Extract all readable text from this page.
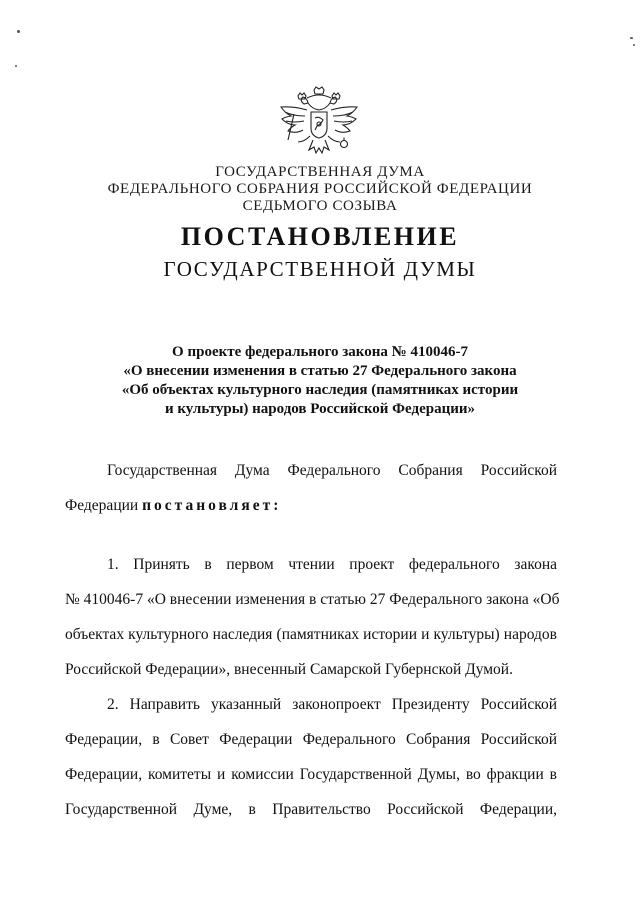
ГОСУДАРСТВЕННАЯ ДУМА
ФЕДЕРАЛЬНОГО СОБРАНИЯ РОССИЙСКОЙ ФЕДЕРАЦИИ
СЕДЬМОГО СОЗЫВА
ПОСТАНОВЛЕНИЕ
ГОСУДАРСТВЕННОЙ ДУМЫ
О проекте федерального закона № 410046-7
«О внесении изменения в статью 27 Федерального закона
«Об объектах культурного наследия (памятниках истории
и культуры) народов Российской Федерации»
Государственная Дума Федерального Собрания Российской
Федерации постановляет:
1. Принять в первом чтении проект федерального закона
№ 410046-7 «О внесении изменения в статью 27 Федерального закона «Об
объектах культурного наследия (памятниках истории и культуры) народов
Российской Федерации», внесенный Самарской Губернской Думой.
2. Направить указанный законопроект Президенту Российской
Федерации, в Совет Федерации Федерального Собрания Российской
Федерации, комитеты и комиссии Государственной Думы, во фракции в
Государственной Думе, в Правительство Российской Федерации,
